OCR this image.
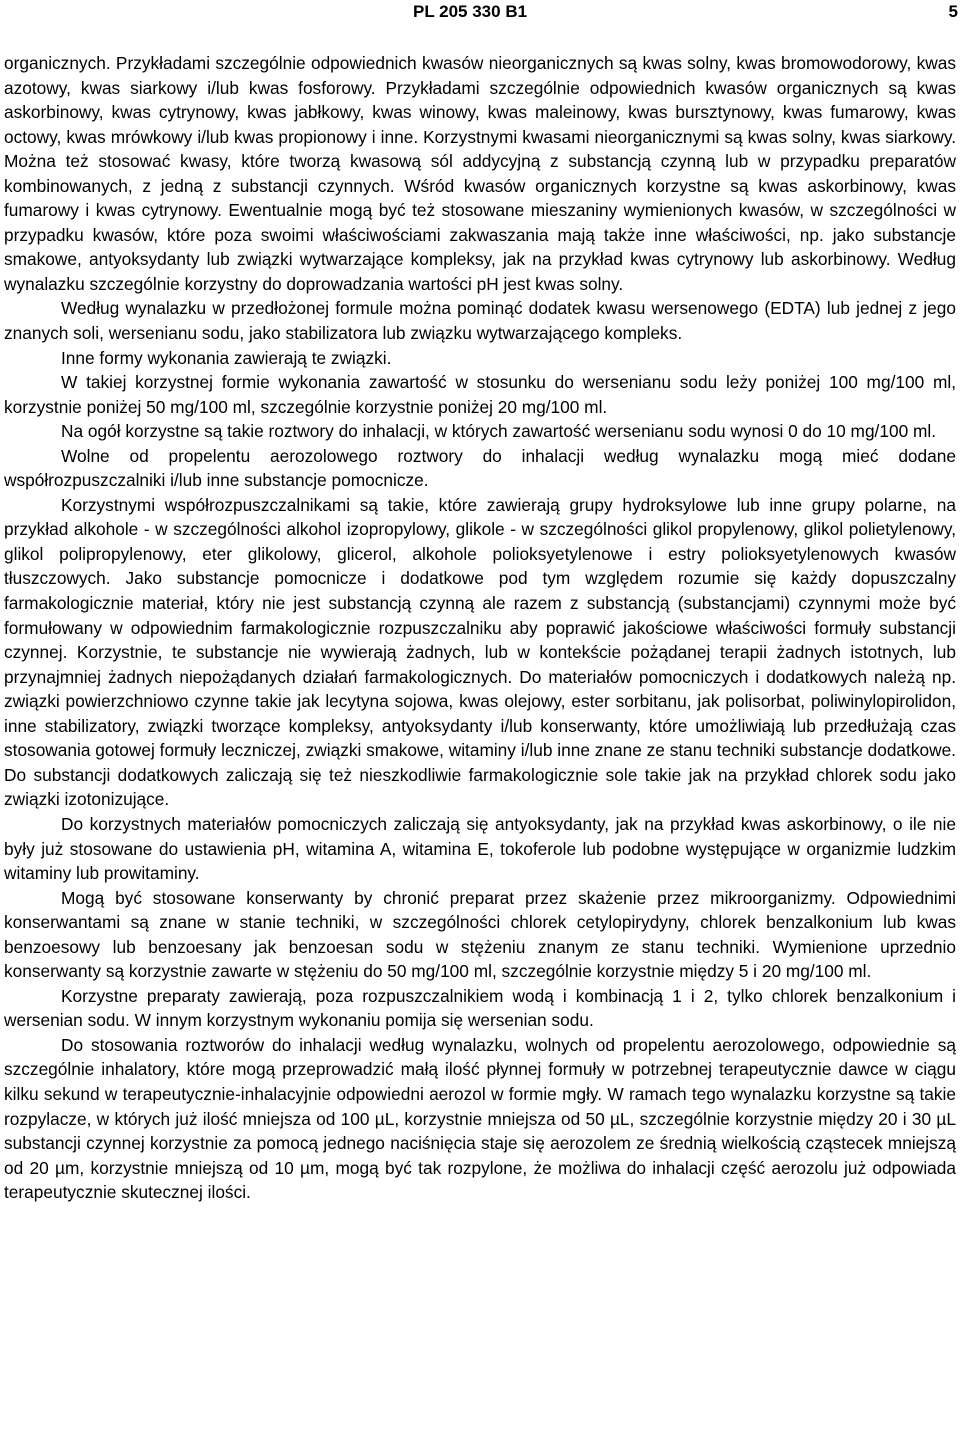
PL 205 330 B1	5

organicznych. Przykładami szczególnie odpowiednich kwasów nieorganicznych są kwas solny, kwas bromowodorowy, kwas azotowy, kwas siarkowy i/lub kwas fosforowy. Przykładami szczególnie odpowiednich kwasów organicznych są kwas askorbinowy, kwas cytrynowy, kwas jabłkowy, kwas winowy, kwas maleinowy, kwas bursztynowy, kwas fumarowy, kwas octowy, kwas mrówkowy i/lub kwas propionowy i inne. Korzystnymi kwasami nieorganicznymi są kwas solny, kwas siarkowy. Można też stosować kwasy, które tworzą kwasową sól addycyjną z substancją czynną lub w przypadku preparatów kombinowanych, z jedną z substancji czynnych. Wśród kwasów organicznych korzystne są kwas askorbinowy, kwas fumarowy i kwas cytrynowy. Ewentualnie mogą być też stosowane mieszaniny wymienionych kwasów, w szczególności w przypadku kwasów, które poza swoimi właściwościami zakwaszania mają także inne właściwości, np. jako substancje smakowe, antyoksydanty lub związki wytwarzające kompleksy, jak na przykład kwas cytrynowy lub askorbinowy. Według wynalazku szczególnie korzystny do doprowadzania wartości pH jest kwas solny.

Według wynalazku w przedłożonej formule można pominąć dodatek kwasu wersenowego (EDTA) lub jednej z jego znanych soli, wersenianu sodu, jako stabilizatora lub związku wytwarzającego kompleks.

Inne formy wykonania zawierają te związki.

W takiej korzystnej formie wykonania zawartość w stosunku do wersenianu sodu leży poniżej 100 mg/100 ml, korzystnie poniżej 50 mg/100 ml, szczególnie korzystnie poniżej 20 mg/100 ml.

Na ogół korzystne są takie roztwory do inhalacji, w których zawartość wersenianu sodu wynosi 0 do 10 mg/100 ml.

Wolne od propelentu aerozolowego roztwory do inhalacji według wynalazku mogą mieć dodane współrozpuszczalniki i/lub inne substancje pomocnicze.

Korzystnymi współrozpuszczalnikami są takie, które zawierają grupy hydroksylowe lub inne grupy polarne, na przykład alkohole - w szczególności alkohol izopropylowy, glikole - w szczególności glikol propylenowy, glikol polietylenowy, glikol polipropylenowy, eter glikolowy, glicerol, alkohole polioksyetylenowe i estry polioksyetylenowych kwasów tłuszczowych. Jako substancje pomocnicze i dodatkowe pod tym względem rozumie się każdy dopuszczalny farmakologicznie materiał, który nie jest substancją czynną ale razem z substancją (substancjami) czynnymi może być formułowany w odpowiednim farmakologicznie rozpuszczalniku aby poprawić jakościowe właściwości formuły substancji czynnej. Korzystnie, te substancje nie wywierają żadnych, lub w kontekście pożądanej terapii żadnych istotnych, lub przynajmniej żadnych niepożądanych działań farmakologicznych. Do materiałów pomocniczych i dodatkowych należą np. związki powierzchniowo czynne takie jak lecytyna sojowa, kwas olejowy, ester sorbitanu, jak polisorbat, poliwinylopirolidon, inne stabilizatory, związki tworzące kompleksy, antyoksydanty i/lub konserwanty, które umożliwiają lub przedłużają czas stosowania gotowej formuły leczniczej, związki smakowe, witaminy i/lub inne znane ze stanu techniki substancje dodatkowe. Do substancji dodatkowych zaliczają się też nieszkodliwie farmakologicznie sole takie jak na przykład chlorek sodu jako związki izotonizujące.

Do korzystnych materiałów pomocniczych zaliczają się antyoksydanty, jak na przykład kwas askorbinowy, o ile nie były już stosowane do ustawienia pH, witamina A, witamina E, tokoferole lub podobne występujące w organizmie ludzkim witaminy lub prowitaminy.

Mogą być stosowane konserwanty by chronić preparat przez skażenie przez mikroorganizmy. Odpowiednimi konserwantami są znane w stanie techniki, w szczególności chlorek cetylopirydyny, chlorek benzalkonium lub kwas benzoesowy lub benzoesany jak benzoesan sodu w stężeniu znanym ze stanu techniki. Wymienione uprzednio konserwanty są korzystnie zawarte w stężeniu do 50 mg/100 ml, szczególnie korzystnie między 5 i 20 mg/100 ml.

Korzystne preparaty zawierają, poza rozpuszczalnikiem wodą i kombinacją 1 i 2, tylko chlorek benzalkonium i wersenian sodu. W innym korzystnym wykonaniu pomija się wersenian sodu.

Do stosowania roztworów do inhalacji według wynalazku, wolnych od propelentu aerozolowego, odpowiednie są szczególnie inhalatory, które mogą przeprowadzić małą ilość płynnej formuły w potrzebnej terapeutycznie dawce w ciągu kilku sekund w terapeutycznie-inhalacyjnie odpowiedni aerozol w formie mgły. W ramach tego wynalazku korzystne są takie rozpylacze, w których już ilość mniejsza od 100 µL, korzystnie mniejsza od 50 µL, szczególnie korzystnie między 20 i 30 µL substancji czynnej korzystnie za pomocą jednego naciśnięcia staje się aerozolem ze średnią wielkością cząstecek mniejszą od 20 µm, korzystnie mniejszą od 10 µm, mogą być tak rozpylone, że możliwa do inhalacji część aerozolu już odpowiada terapeutycznie skutecznej ilości.
